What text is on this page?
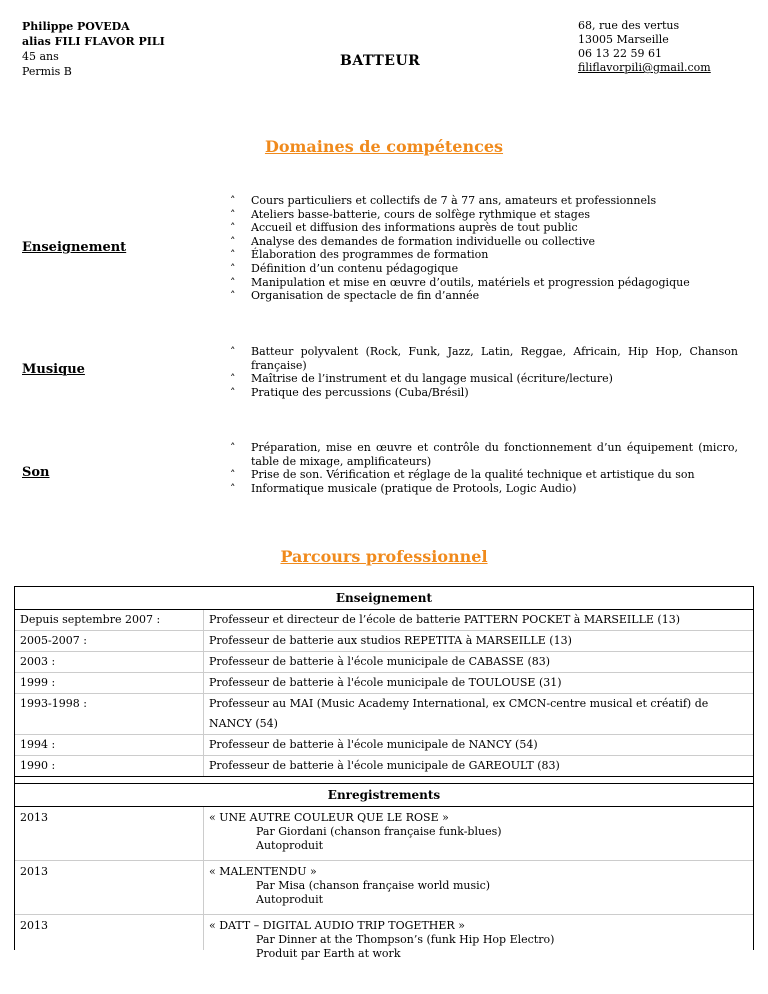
Philippe POVEDA
alias FILI FLAVOR PILI
45 ans
Permis B
BATTEUR
68, rue des vertus
13005 Marseille
06 13 22 59 61
filiflavorpili@gmail.com
Domaines de compétences
Enseignement
˄ Cours particuliers et collectifs de 7 à 77 ans, amateurs et professionnels
˄ Ateliers basse-batterie, cours de solfège rythmique et stages
˄ Accueil et diffusion des informations auprès de tout public
˄ Analyse des demandes de formation individuelle ou collective
˄ Élaboration des programmes de formation
˄ Définition d’un contenu pédagogique
˄ Manipulation et mise en œuvre d’outils, matériels et progression pédagogique
˄ Organisation de spectacle de fin d’année
Musique
˄ Batteur polyvalent (Rock, Funk, Jazz, Latin, Reggae, Africain, Hip Hop, Chanson française)
˄ Maîtrise de l’instrument et du langage musical (écriture/lecture)
˄ Pratique des percussions (Cuba/Brésil)
Son
˄ Préparation, mise en œuvre et contrôle du fonctionnement d’un équipement (micro, table de mixage, amplificateurs)
˄ Prise de son. Vérification et réglage de la qualité technique et artistique du son
˄ Informatique musicale (pratique de Protools, Logic Audio)
Parcours professionnel
Enseignement
Depuis septembre 2007 :	Professeur et directeur de l’école de batterie PATTERN POCKET à MARSEILLE (13)
2005-2007 :	Professeur de batterie aux studios REPETITA à MARSEILLE (13)
2003 :	Professeur de batterie à l'école municipale de CABASSE (83)
1999 :	Professeur de batterie à l'école municipale de TOULOUSE (31)
1993-1998 :	Professeur au MAI (Music Academy International, ex CMCN-centre musical et créatif) de NANCY (54)
1994 :	Professeur de batterie à l'école municipale de NANCY (54)
1990 :	Professeur de batterie à l'école municipale de GAREOULT (83)
Enregistrements
2013	« UNE AUTRE COULEUR QUE LE ROSE »
Par Giordani (chanson française funk-blues)
Autoproduit
2013	« MALENTENDU »
Par Misa (chanson française world music)
Autoproduit
2013	« DATT – DIGITAL AUDIO TRIP TOGETHER »
Par Dinner at the Thompson’s (funk Hip Hop Electro)
Produit par Earth at work
